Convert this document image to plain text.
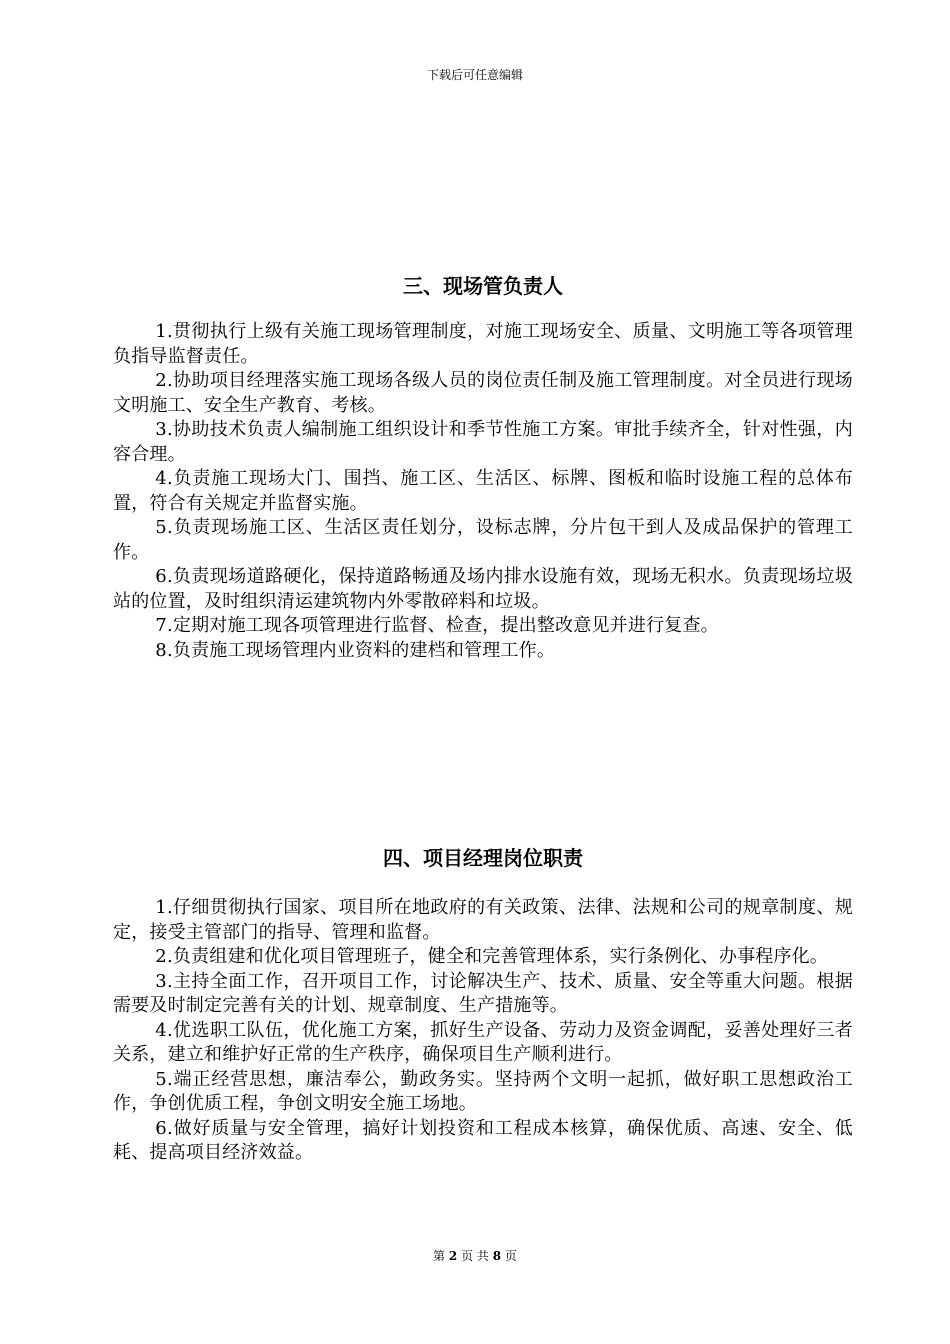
下载后可任意编辑
三、现场管负责人

1.贯彻执行上级有关施工现场管理制度，对施工现场安全、质量、文明施工等各项管理负指导监督责任。

2.协助项目经理落实施工现场各级人员的岗位责任制及施工管理制度。对全员进行现场文明施工、安全生产教育、考核。

3.协助技术负责人编制施工组织设计和季节性施工方案。审批手续齐全，针对性强，内容合理。

4.负责施工现场大门、围挡、施工区、生活区、标牌、图板和临时设施工程的总体布置，符合有关规定并监督实施。

5.负责现场施工区、生活区责任划分，设标志牌，分片包干到人及成品保护的管理工作。

6.负责现场道路硬化，保持道路畅通及场内排水设施有效，现场无积水。负责现场垃圾站的位置，及时组织清运建筑物内外零散碎料和垃圾。

7.定期对施工现各项管理进行监督、检查，提出整改意见并进行复查。

8.负责施工现场管理内业资料的建档和管理工作。

四、项目经理岗位职责

1.仔细贯彻执行国家、项目所在地政府的有关政策、法律、法规和公司的规章制度、规定，接受主管部门的指导、管理和监督。

2.负责组建和优化项目管理班子，健全和完善管理体系，实行条例化、办事程序化。

3.主持全面工作，召开项目工作，讨论解决生产、技术、质量、安全等重大问题。根据需要及时制定完善有关的计划、规章制度、生产措施等。

4.优选职工队伍，优化施工方案，抓好生产设备、劳动力及资金调配，妥善处理好三者关系，建立和维护好正常的生产秩序，确保项目生产顺利进行。

5.端正经营思想，廉洁奉公，勤政务实。坚持两个文明一起抓，做好职工思想政治工作，争创优质工程，争创文明安全施工场地。

6.做好质量与安全管理，搞好计划投资和工程成本核算，确保优质、高速、安全、低耗、提高项目经济效益。

第 2 页 共 8 页
